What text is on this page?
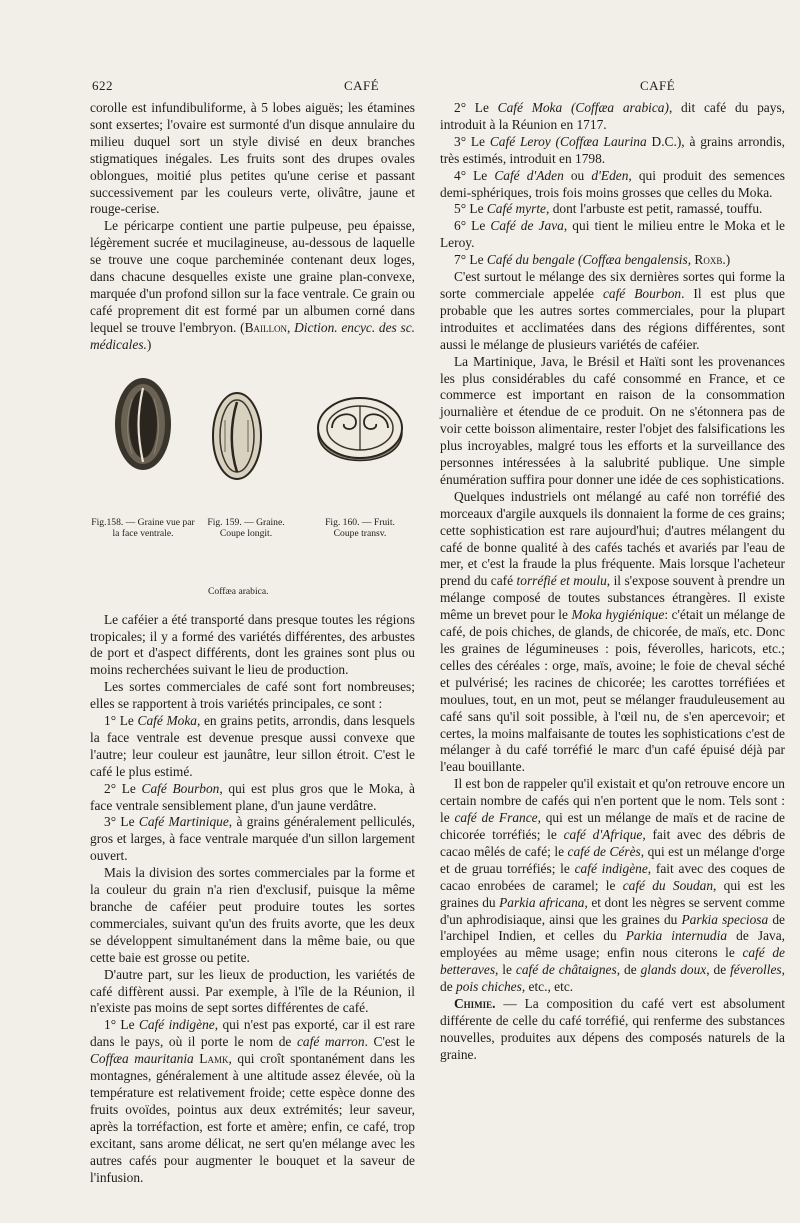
622	CAFÉ	CAFÉ

corolle est infundibuliforme, à 5 lobes aiguës; les étamines sont exsertes; l'ovaire est surmonté d'un disque annulaire du milieu duquel sort un style divisé en deux branches stigmatiques inégales. Les fruits sont des drupes ovales oblongues, moitié plus petites qu'une cerise et passant successivement par les couleurs verte, olivâtre, jaune et rouge-cerise.

Le péricarpe contient une partie pulpeuse, peu épaisse, légèrement sucrée et mucilagineuse, au-dessous de laquelle se trouve une coque parcheminée contenant deux loges, dans chacune desquelles existe une graine plan-convexe, marquée d'un profond sillon sur la face ventrale. Ce grain ou café proprement dit est formé par un albumen corné dans lequel se trouve l'embryon. (Baillon, Diction. encyc. des sc. médicales.)

Fig.158. — Graine vue par la face ventrale.
Fig. 159. — Graine. Coupe longit.
Fig. 160. — Fruit. Coupe transv.
Coffæa arabica.

Le caféier a été transporté dans presque toutes les régions tropicales; il y a formé des variétés différentes, des arbustes de port et d'aspect différents, dont les graines sont plus ou moins recherchées suivant le lieu de production.

Les sortes commerciales de café sont fort nombreuses; elles se rapportent à trois variétés principales, ce sont :

1° Le Café Moka, en grains petits, arrondis, dans lesquels la face ventrale est devenue presque aussi convexe que l'autre; leur couleur est jaunâtre, leur sillon étroit. C'est le café le plus estimé.

2° Le Café Bourbon, qui est plus gros que le Moka, à face ventrale sensiblement plane, d'un jaune verdâtre.

3° Le Café Martinique, à grains généralement pelliculés, gros et larges, à face ventrale marquée d'un sillon largement ouvert.

Mais la division des sortes commerciales par la forme et la couleur du grain n'a rien d'exclusif, puisque la même branche de caféier peut produire toutes les sortes commerciales, suivant qu'un des fruits avorte, que les deux se développent simultanément dans la même baie, ou que cette baie est grosse ou petite.

D'autre part, sur les lieux de production, les variétés de café diffèrent aussi. Par exemple, à l'île de la Réunion, il n'existe pas moins de sept sortes différentes de café.

1° Le Café indigène, qui n'est pas exporté, car il est rare dans le pays, où il porte le nom de café marron. C'est le Coffæa mauritania Lamk, qui croît spontanément dans les montagnes, généralement à une altitude assez élevée, où la température est relativement froide; cette espèce donne des fruits ovoïdes, pointus aux deux extrémités; leur saveur, après la torréfaction, est forte et amère; enfin, ce café, trop excitant, sans arome délicat, ne sert qu'en mélange avec les autres cafés pour augmenter le bouquet et la saveur de l'infusion.

2° Le Café Moka (Coffæa arabica), dit café du pays, introduit à la Réunion en 1717.

3° Le Café Leroy (Coffæa Laurina D.C.), à grains arrondis, très estimés, introduit en 1798.

4° Le Café d'Aden ou d'Eden, qui produit des semences demi-sphériques, trois fois moins grosses que celles du Moka.

5° Le Café myrte, dont l'arbuste est petit, ramassé, touffu.

6° Le Café de Java, qui tient le milieu entre le Moka et le Leroy.

7° Le Café du bengale (Coffæa bengalensis, Roxb.)

C'est surtout le mélange des six dernières sortes qui forme la sorte commerciale appelée café Bourbon. Il est plus que probable que les autres sortes commerciales, pour la plupart introduites et acclimatées dans des régions différentes, sont aussi le mélange de plusieurs variétés de caféier.

La Martinique, Java, le Brésil et Haïti sont les provenances les plus considérables du café consommé en France, et ce commerce est important en raison de la consommation journalière et étendue de ce produit. On ne s'étonnera pas de voir cette boisson alimentaire, rester l'objet des falsifications les plus incroyables, malgré tous les efforts et la surveillance des personnes intéressées à la salubrité publique. Une simple énumération suffira pour donner une idée de ces sophistications.

Quelques industriels ont mélangé au café non torréfié des morceaux d'argile auxquels ils donnaient la forme de ces grains; cette sophistication est rare aujourd'hui; d'autres mélangent du café de bonne qualité à des cafés tachés et avariés par l'eau de mer, et c'est la fraude la plus fréquente. Mais lorsque l'acheteur prend du café torréfié et moulu, il s'expose souvent à prendre un mélange composé de toutes substances étrangères. Il existe même un brevet pour le Moka hygiénique: c'était un mélange de café, de pois chiches, de glands, de chicorée, de maïs, etc. Donc les graines de légumineuses : pois, féverolles, haricots, etc.; celles des céréales : orge, maïs, avoine; le foie de cheval séché et pulvérisé; les racines de chicorée; les carottes torréfiées et moulues, tout, en un mot, peut se mélanger frauduleusement au café sans qu'il soit possible, à l'œil nu, de s'en apercevoir; et certes, la moins malfaisante de toutes les sophistications c'est de mélanger à du café torréfié le marc d'un café épuisé déjà par l'eau bouillante.

Il est bon de rappeler qu'il existait et qu'on retrouve encore un certain nombre de cafés qui n'en portent que le nom. Tels sont : le café de France, qui est un mélange de maïs et de racine de chicorée torréfiés; le café d'Afrique, fait avec des débris de cacao mêlés de café; le café de Cérès, qui est un mélange d'orge et de gruau torréfiés; le café indigène, fait avec des coques de cacao enrobées de caramel; le café du Soudan, qui est les graines du Parkia africana, et dont les nègres se servent comme d'un aphrodisiaque, ainsi que les graines du Parkia speciosa de l'archipel Indien, et celles du Parkia internudia de Java, employées au même usage; enfin nous citerons le café de betteraves, le café de châtaignes, de glands doux, de féverolles, de pois chiches, etc., etc.

Chimie. — La composition du café vert est absolument différente de celle du café torréfié, qui renferme des substances nouvelles, produites aux dépens des composés naturels de la graine.
